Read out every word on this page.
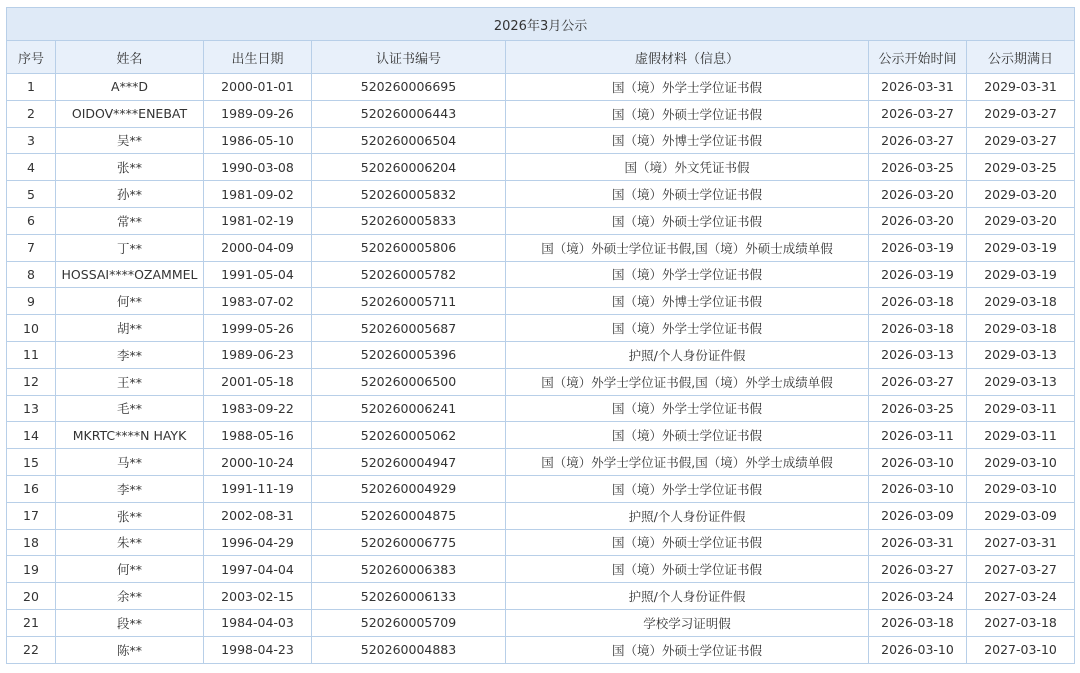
2026年3月公示						
序号	姓名	出生日期	认证书编号	虚假材料（信息）	公示开始时间	公示期满日
1	A***D	2000-01-01	520260006695	国（境）外学士学位证书假	2026-03-31	2029-03-31
2	OIDOV****ENEBAT	1989-09-26	520260006443	国（境）外硕士学位证书假	2026-03-27	2029-03-27
3	吴**	1986-05-10	520260006504	国（境）外博士学位证书假	2026-03-27	2029-03-27
4	张**	1990-03-08	520260006204	国（境）外文凭证书假	2026-03-25	2029-03-25
5	孙**	1981-09-02	520260005832	国（境）外硕士学位证书假	2026-03-20	2029-03-20
6	常**	1981-02-19	520260005833	国（境）外硕士学位证书假	2026-03-20	2029-03-20
7	丁**	2000-04-09	520260005806	国（境）外硕士学位证书假,国（境）外硕士成绩单假	2026-03-19	2029-03-19
8	HOSSAI****OZAMMEL	1991-05-04	520260005782	国（境）外学士学位证书假	2026-03-19	2029-03-19
9	何**	1983-07-02	520260005711	国（境）外博士学位证书假	2026-03-18	2029-03-18
10	胡**	1999-05-26	520260005687	国（境）外学士学位证书假	2026-03-18	2029-03-18
11	李**	1989-06-23	520260005396	护照/个人身份证件假	2026-03-13	2029-03-13
12	王**	2001-05-18	520260006500	国（境）外学士学位证书假,国（境）外学士成绩单假	2026-03-27	2029-03-13
13	毛**	1983-09-22	520260006241	国（境）外学士学位证书假	2026-03-25	2029-03-11
14	MKRTC****N HAYK	1988-05-16	520260005062	国（境）外硕士学位证书假	2026-03-11	2029-03-11
15	马**	2000-10-24	520260004947	国（境）外学士学位证书假,国（境）外学士成绩单假	2026-03-10	2029-03-10
16	李**	1991-11-19	520260004929	国（境）外学士学位证书假	2026-03-10	2029-03-10
17	张**	2002-08-31	520260004875	护照/个人身份证件假	2026-03-09	2029-03-09
18	朱**	1996-04-29	520260006775	国（境）外硕士学位证书假	2026-03-31	2027-03-31
19	何**	1997-04-04	520260006383	国（境）外硕士学位证书假	2026-03-27	2027-03-27
20	余**	2003-02-15	520260006133	护照/个人身份证件假	2026-03-24	2027-03-24
21	段**	1984-04-03	520260005709	学校学习证明假	2026-03-18	2027-03-18
22	陈**	1998-04-23	520260004883	国（境）外硕士学位证书假	2026-03-10	2027-03-10
